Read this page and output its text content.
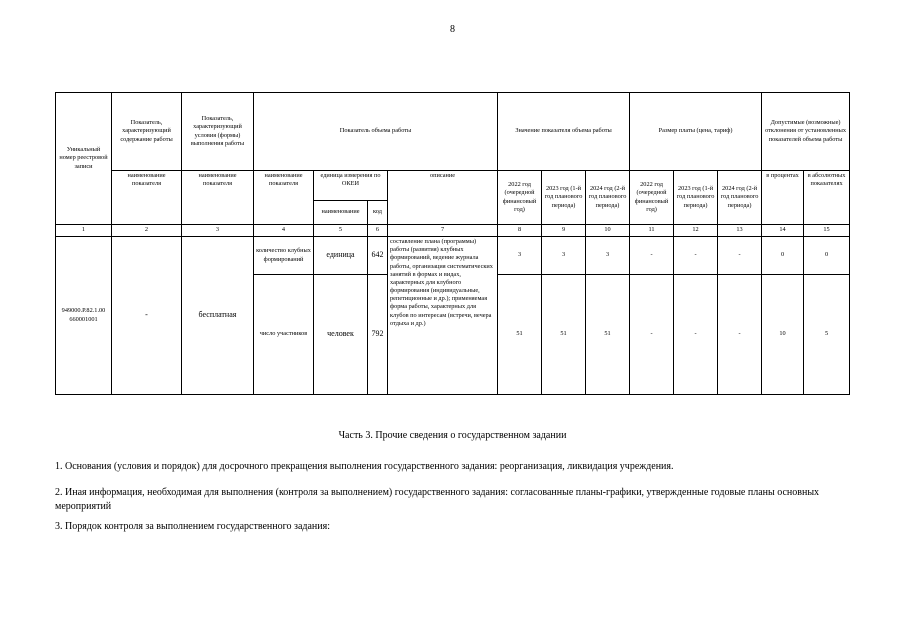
8
Уникальный номер реестровой записи	Показатель, характеризующий содержание работы	Показатель, характеризующий условия (формы) выполнения работы	Показатель объема работы				Значение показателя объема работы			Размер платы (цена, тариф)			Допустимые (возможные) отклонения от установленных показателей объема работы	
	наименование показателя	наименование показателя	наименование показателя	единица измерения по ОКЕИ		описание	2022 год (очередной финансовый год)	2023 год (1-й год планового периода)	2024 год (2-й год планового периода)	2022 год (очередной финансовый год)	2023 год (1-й год планового периода)	2024 год (2-й год планового периода)	в процентах	в абсолютных показателях
				наименование	код									
1	2	3	4	5	6	7	8	9	10	11	12	13	14	15
949000.Р.82.1.00 660001001	-	бесплатная	количество клубных формирований	единица	642	составление плана (программы) работы (развития) клубных формирований, ведение журнала работы, организация систематических занятий в формах и видах, характерных для клубного формирования (индивидуальные, репетиционные и др.); применяемая форма работы, характерных для клубов по интересам (встречи, вечера отдыха и др.)	3	3	3	-	-	-	0	0
			число участников	человек	792		51	51	51	-	-	-	10	5
Часть 3. Прочие сведения о государственном задании
1. Основания (условия и порядок) для досрочного прекращения выполнения государственного задания: реорганизация, ликвидация учреждения.
2. Иная информация, необходимая для выполнения (контроля за выполнением) государственного задания: согласованные планы-графики, утвержденные годовые планы основных мероприятий
3. Порядок контроля за выполнением государственного задания:
